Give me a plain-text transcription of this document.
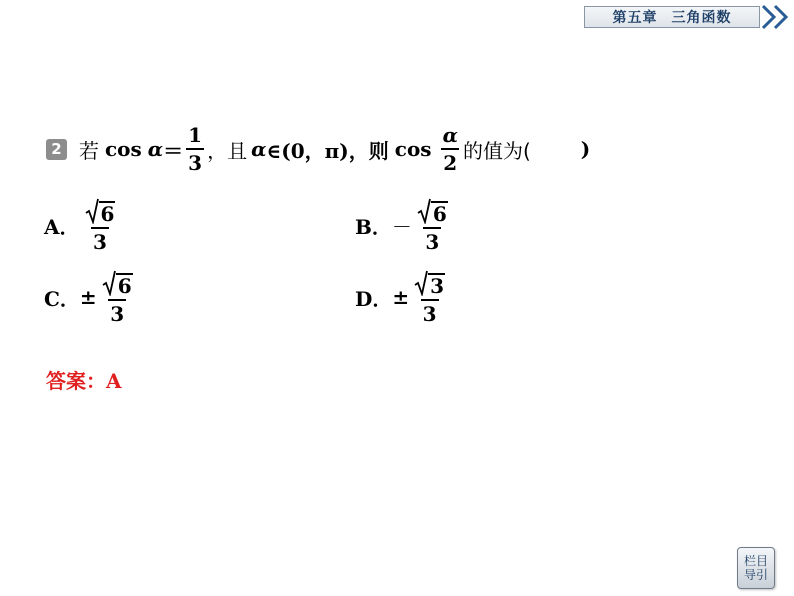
第五章 三角函数
2 若 $\cos \alpha = \frac{1}{3}$ ，且 α ∈(0，π)，则 $\cos \frac{\alpha}{2}$ 的值为(	)
A． $\frac{6}{3}$	B． － $\frac{6}{3}$
C． ± $\frac{6}{3}$	D． ± $\frac{3}{3}$
答案：A
栏目
导引
